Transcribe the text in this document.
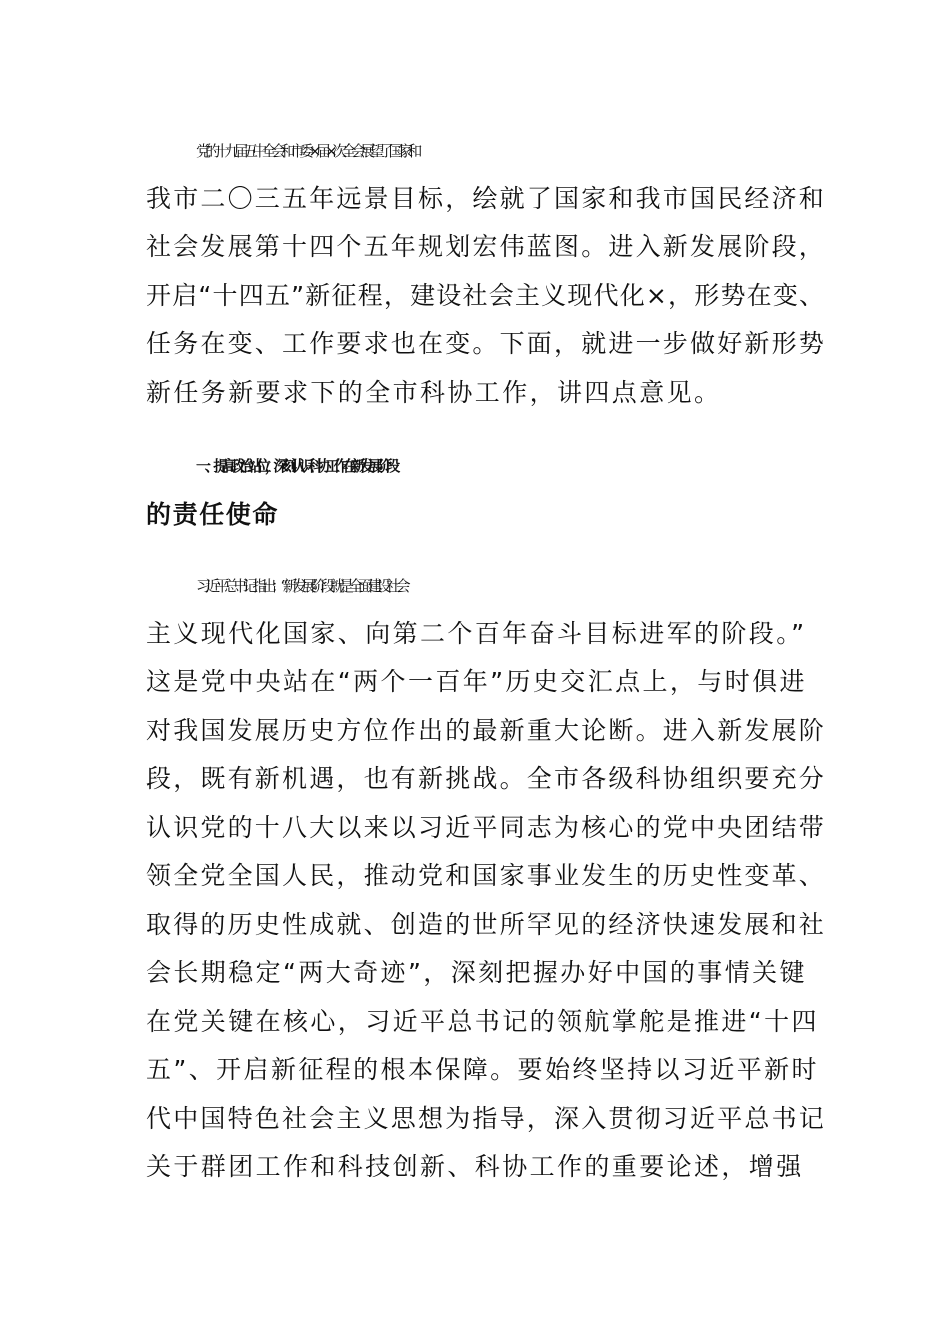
党的十九届五中全会和市委×届×次全会展望了国家和
我市二〇三五年远景目标，绘就了国家和我市国民经济和
社会发展第十四个五年规划宏伟蓝图。进入新发展阶段，
开启“十四五”新征程，建设社会主义现代化×，形势在变、
任务在变、工作要求也在变。下面，就进一步做好新形势
新任务新要求下的全市科协工作，讲四点意见。
一、提高政治站位，深刻认识科协工作在新发展阶段
的责任使命
习近平总书记指出：“新发展阶段就是全面建设社会
主义现代化国家、向第二个百年奋斗目标进军的阶段。”
这是党中央站在“两个一百年”历史交汇点上，与时俱进
对我国发展历史方位作出的最新重大论断。进入新发展阶
段，既有新机遇，也有新挑战。全市各级科协组织要充分
认识党的十八大以来以习近平同志为核心的党中央团结带
领全党全国人民，推动党和国家事业发生的历史性变革、
取得的历史性成就、创造的世所罕见的经济快速发展和社
会长期稳定“两大奇迹”，深刻把握办好中国的事情关键
在党关键在核心，习近平总书记的领航掌舵是推进“十四
五”、开启新征程的根本保障。要始终坚持以习近平新时
代中国特色社会主义思想为指导，深入贯彻习近平总书记
关于群团工作和科技创新、科协工作的重要论述，增强
